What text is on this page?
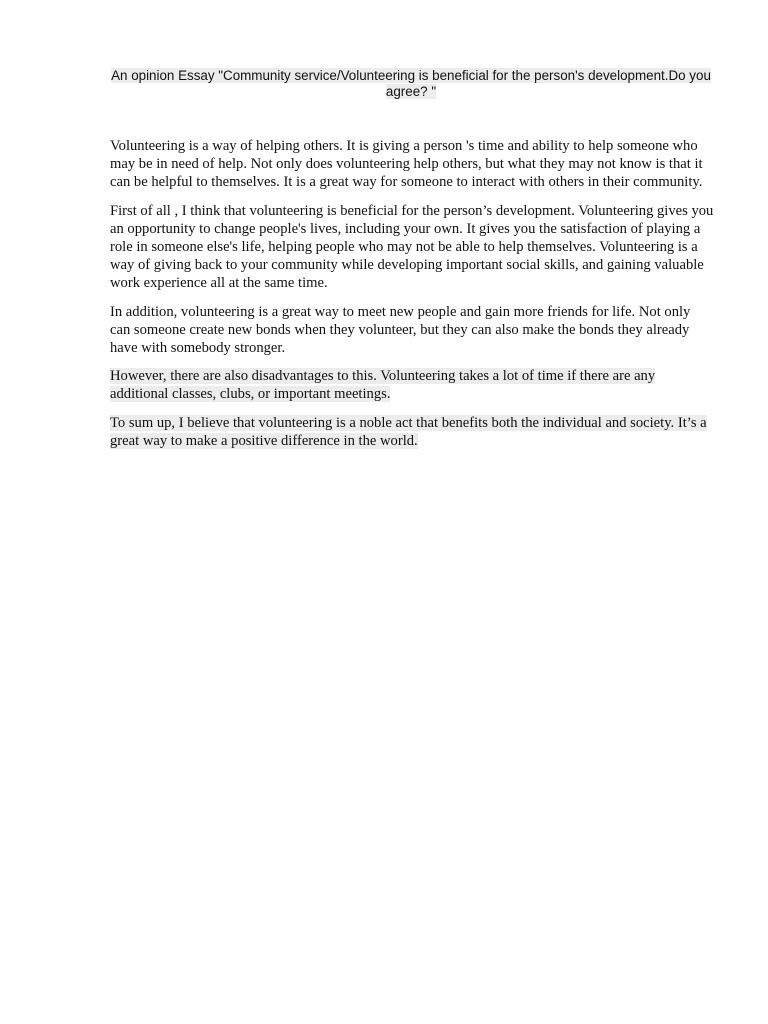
An opinion Essay "Community service/Volunteering is beneficial for the person's development.Do you agree? "

Volunteering is a way of helping others. It is giving a person 's time and ability to help someone who may be in need of help. Not only does volunteering help others, but what they may not know is that it can be helpful to themselves. It is a great way for someone to interact with others in their community.

First of all , I think that volunteering is beneficial for the person’s development. Volunteering gives you an opportunity to change people's lives, including your own. It gives you the satisfaction of playing a role in someone else's life, helping people who may not be able to help themselves. Volunteering is a way of giving back to your community while developing important social skills, and gaining valuable work experience all at the same time.

In addition, volunteering is a great way to meet new people and gain more friends for life. Not only can someone create new bonds when they volunteer, but they can also make the bonds they already have with somebody stronger.

However, there are also disadvantages to this. Volunteering takes a lot of time if there are any additional classes, clubs, or important meetings.

To sum up, I believe that volunteering is a noble act that benefits both the individual and society. It’s a great way to make a positive difference in the world.
